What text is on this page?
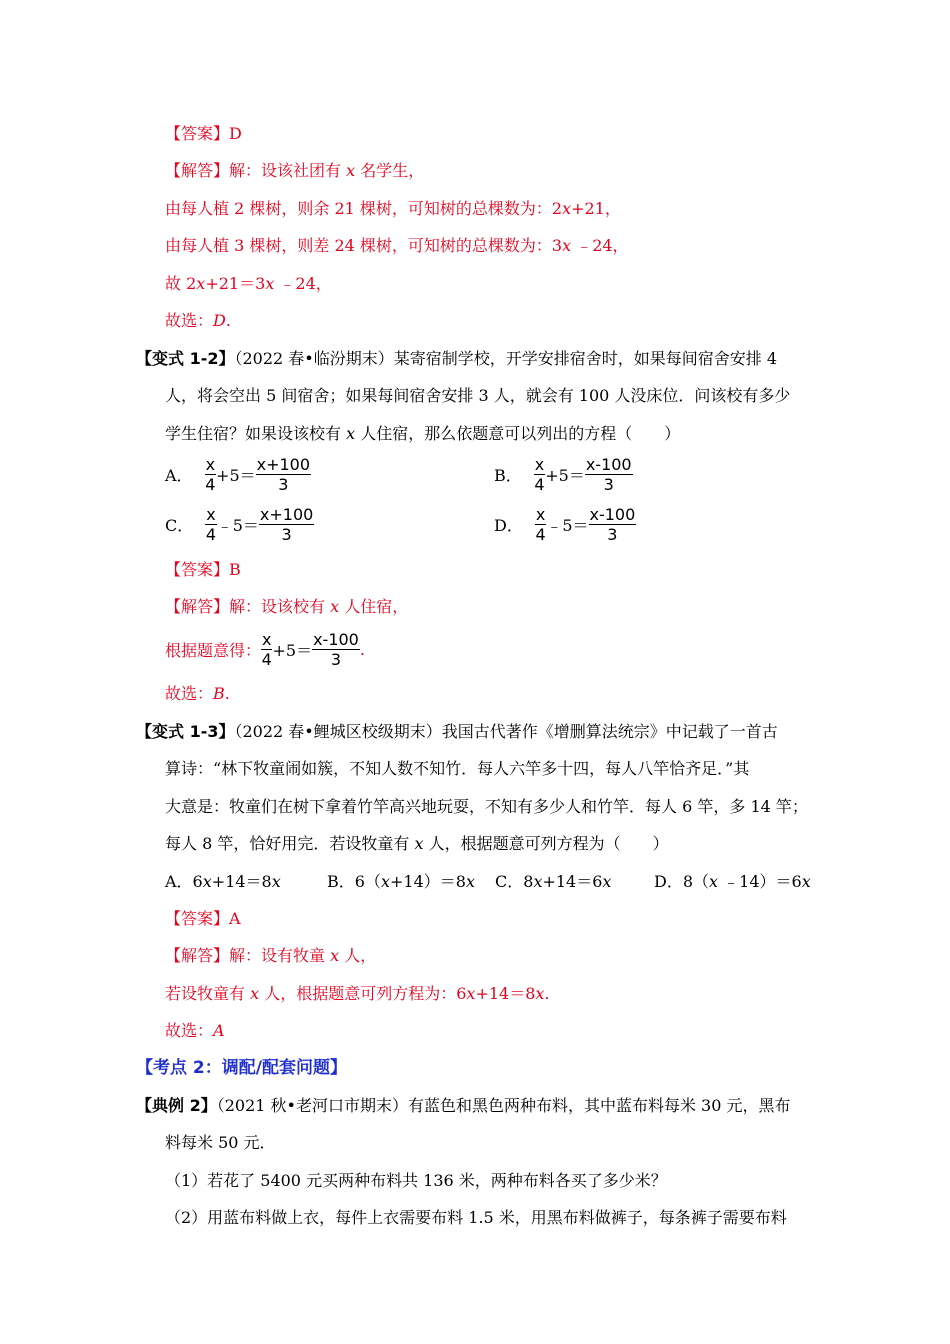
【答案】D
【解答】解：设该社团有 x 名学生，
由每人植 2 棵树，则余 21 棵树，可知树的总棵数为：2x+21，
由每人植 3 棵树，则差 24 棵树，可知树的总棵数为：3x ﹣24，
故 2x+21＝3x ﹣24，
故选：D.
【变式 1-2】（2022 春•临汾期末）某寄宿制学校，开学安排宿舍时，如果每间宿舍安排 4
人，将会空出 5 间宿舍；如果每间宿舍安排 3 人，就会有 100 人没床位．问该校有多少
学生住宿？如果设该校有 x 人住宿，那么依题意可以列出的方程（　　）
A． $\frac{x}{4} +5= \frac{x+100}{3}$	B． $\frac{x}{4} +5= \frac{x-100}{3}$
C． $\frac{x}{4}$ ﹣5＝ $\frac{x+100}{3}$	D． $\frac{x}{4}$ ﹣5＝ $\frac{x-100}{3}$
【答案】B
【解答】解：设该校有 x 人住宿，
根据题意得： $\frac{x}{4} +5= \frac{x-100}{3}$ .
故选：B.
【变式 1-3】（2022 春•鲤城区校级期末）我国古代著作《增删算法统宗》中记载了一首古
算诗：“林下牧童闹如簇，不知人数不知竹．每人六竿多十四，每人八竿恰齐足．”其
大意是：牧童们在树下拿着竹竿高兴地玩耍，不知有多少人和竹竿．每人 6 竿，多 14 竿；
每人 8 竿，恰好用完．若设牧童有 x 人，根据题意可列方程为（　　）
A．6x+14＝8x	B．6（x+14）＝8x C．8x+14＝6x	D．8（x ﹣14）＝6x
【答案】A
【解答】解：设有牧童 x 人，
若设牧童有 x 人，根据题意可列方程为：6x+14＝8x.
故选：A
【考点 2：调配/配套问题】
【典例 2】（2021 秋•老河口市期末）有蓝色和黑色两种布料，其中蓝布料每米 30 元，黑布
料每米 50 元．
（1）若花了 5400 元买两种布料共 136 米，两种布料各买了多少米？
（2）用蓝布料做上衣，每件上衣需要布料 1.5 米，用黑布料做裤子，每条裤子需要布料
